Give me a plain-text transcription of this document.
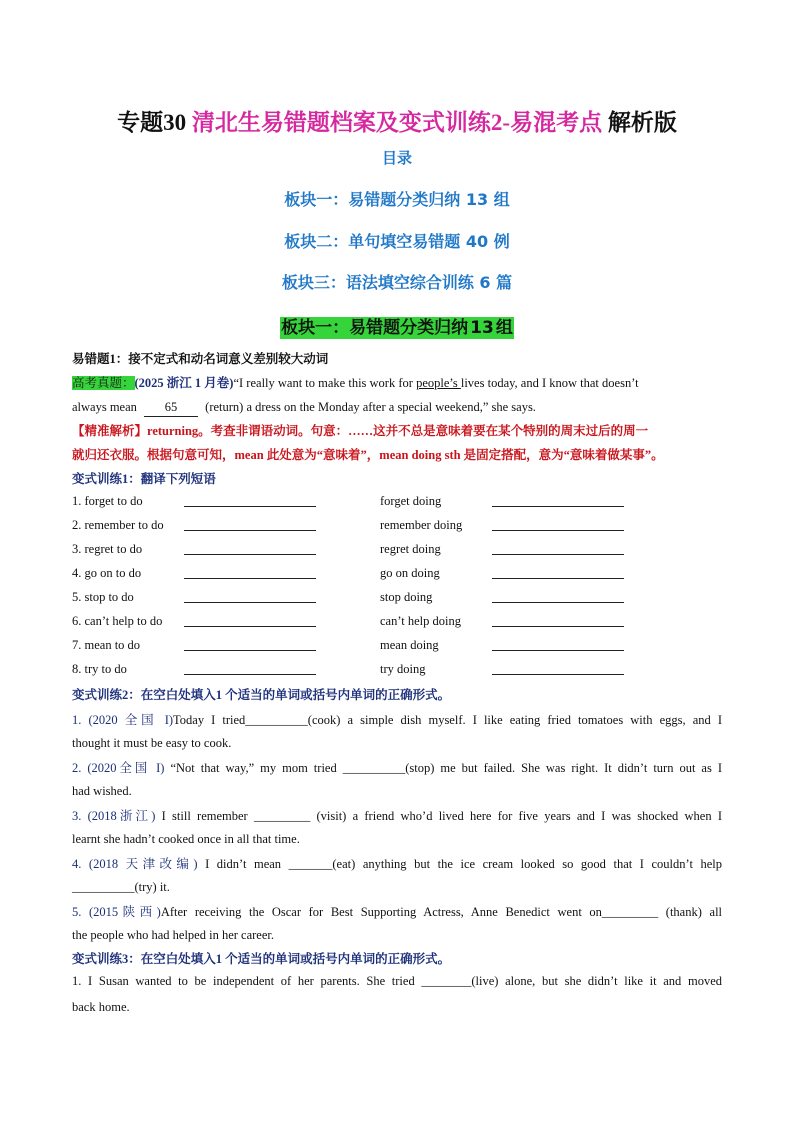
专题30 清北生易错题档案及变式训练2-易混考点 解析版
目录
板块一：易错题分类归纳 13 组
板块二：单句填空易错题 40 例
板块三：语法填空综合训练 6 篇
板块一：易错题分类归纳 13 组
易错题1：接不定式和动名词意义差别较大动词
高考真题：(2025 浙江 1 月卷)“I really want to make this work for people’s lives today, and I know that doesn’t
always mean 65 (return) a dress on the Monday after a special weekend,” she says.
【精准解析】returning。考查非谓语动词。句意：……这并不总是意味着要在某个特别的周末过后的周一
就归还衣服。根据句意可知，mean 此处意为“意味着”，mean doing sth 是固定搭配，意为“意味着做某事”。
变式训练1：翻译下列短语
1. forget to do	forget doing
2. remember to do	remember doing
3. regret to do	regret doing
4. go on to do	go on doing
5. stop to do	stop doing
6. can’t help to do	can’t help doing
7. mean to do	mean doing
8. try to do	try doing
变式训练2：在空白处填入1 个适当的单词或括号内单词的正确形式。
1. (2020 全国 I)Today I tried__________(cook) a simple dish myself. I like eating fried tomatoes with eggs, and I
thought it must be easy to cook.
2. (2020全国 I) “Not that way,” my mom tried __________(stop) me but failed. She was right. It didn’t turn out as I
had wished.
3. (2018浙江) I still remember _________ (visit) a friend who’d lived here for five years and I was shocked when I
learnt she hadn’t cooked once in all that time.
4. (2018 天津改编) I didn’t mean _______(eat) anything but the ice cream looked so good that I couldn’t help
__________(try) it.
5. (2015陕西)After receiving the Oscar for Best Supporting Actress, Anne Benedict went on_________ (thank) all
the people who had helped in her career.
变式训练3：在空白处填入1 个适当的单词或括号内单词的正确形式。
1. I Susan wanted to be independent of her parents. She tried ________(live) alone, but she didn’t like it and moved
back home.
